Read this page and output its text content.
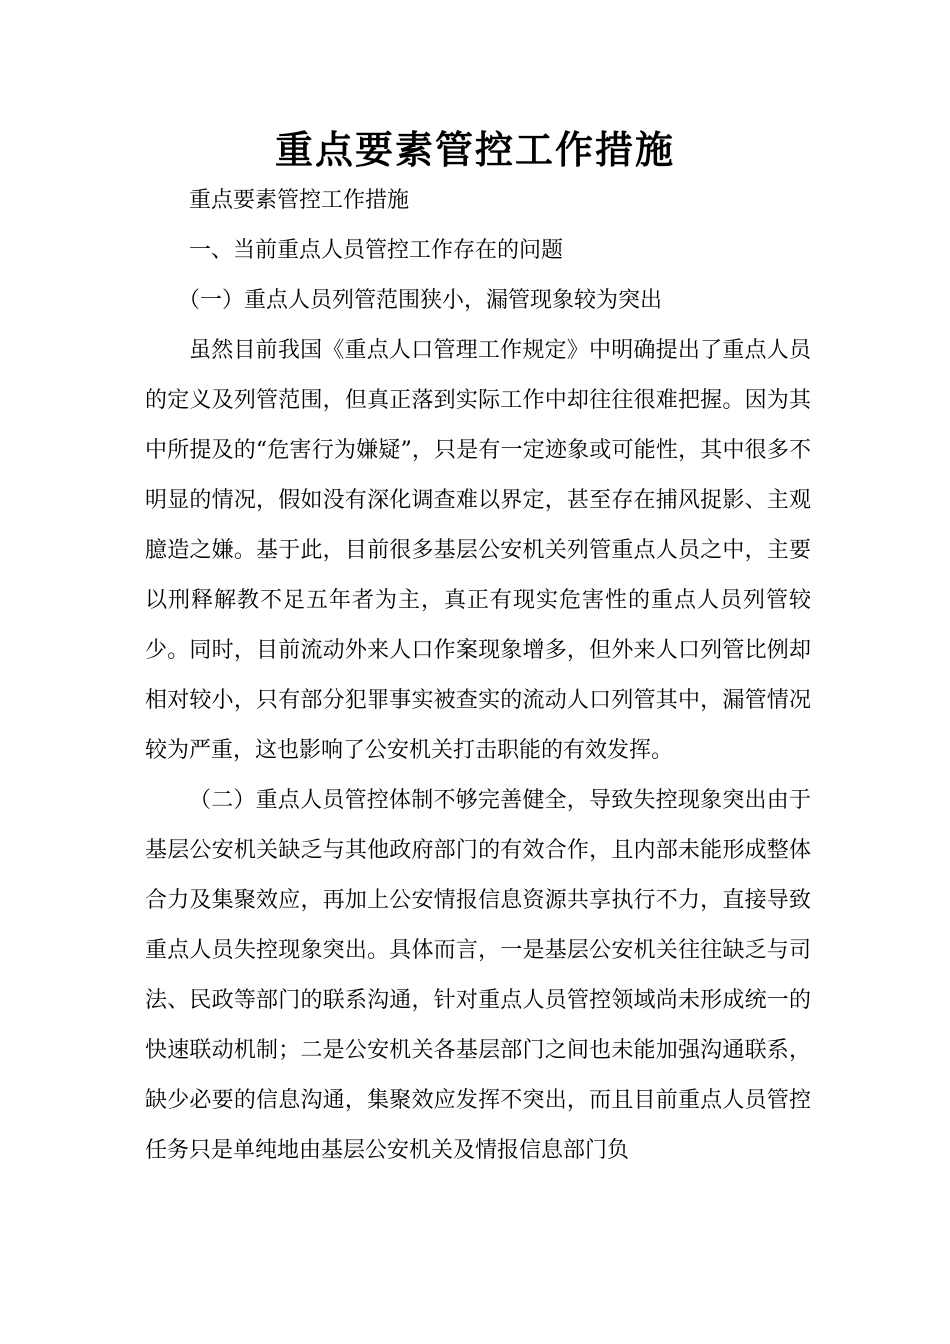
重点要素管控工作措施

重点要素管控工作措施

一、当前重点人员管控工作存在的问题

（一）重点人员列管范围狭小，漏管现象较为突出

虽然目前我国《重点人口管理工作规定》中明确提出了重点人员的定义及列管范围，但真正落到实际工作中却往往很难把握。因为其中所提及的“危害行为嫌疑”，只是有一定迹象或可能性，其中很多不明显的情况，假如没有深化调查难以界定，甚至存在捕风捉影、主观臆造之嫌。基于此，目前很多基层公安机关列管重点人员之中，主要以刑释解教不足五年者为主，真正有现实危害性的重点人员列管较少。同时，目前流动外来人口作案现象增多，但外来人口列管比例却相对较小，只有部分犯罪事实被查实的流动人口列管其中，漏管情况较为严重，这也影响了公安机关打击职能的有效发挥。

（二）重点人员管控体制不够完善健全，导致失控现象突出由于基层公安机关缺乏与其他政府部门的有效合作，且内部未能形成整体合力及集聚效应，再加上公安情报信息资源共享执行不力，直接导致重点人员失控现象突出。具体而言，一是基层公安机关往往缺乏与司法、民政等部门的联系沟通，针对重点人员管控领域尚未形成统一的快速联动机制；二是公安机关各基层部门之间也未能加强沟通联系，缺少必要的信息沟通，集聚效应发挥不突出，而且目前重点人员管控任务只是单纯地由基层公安机关及情报信息部门负
